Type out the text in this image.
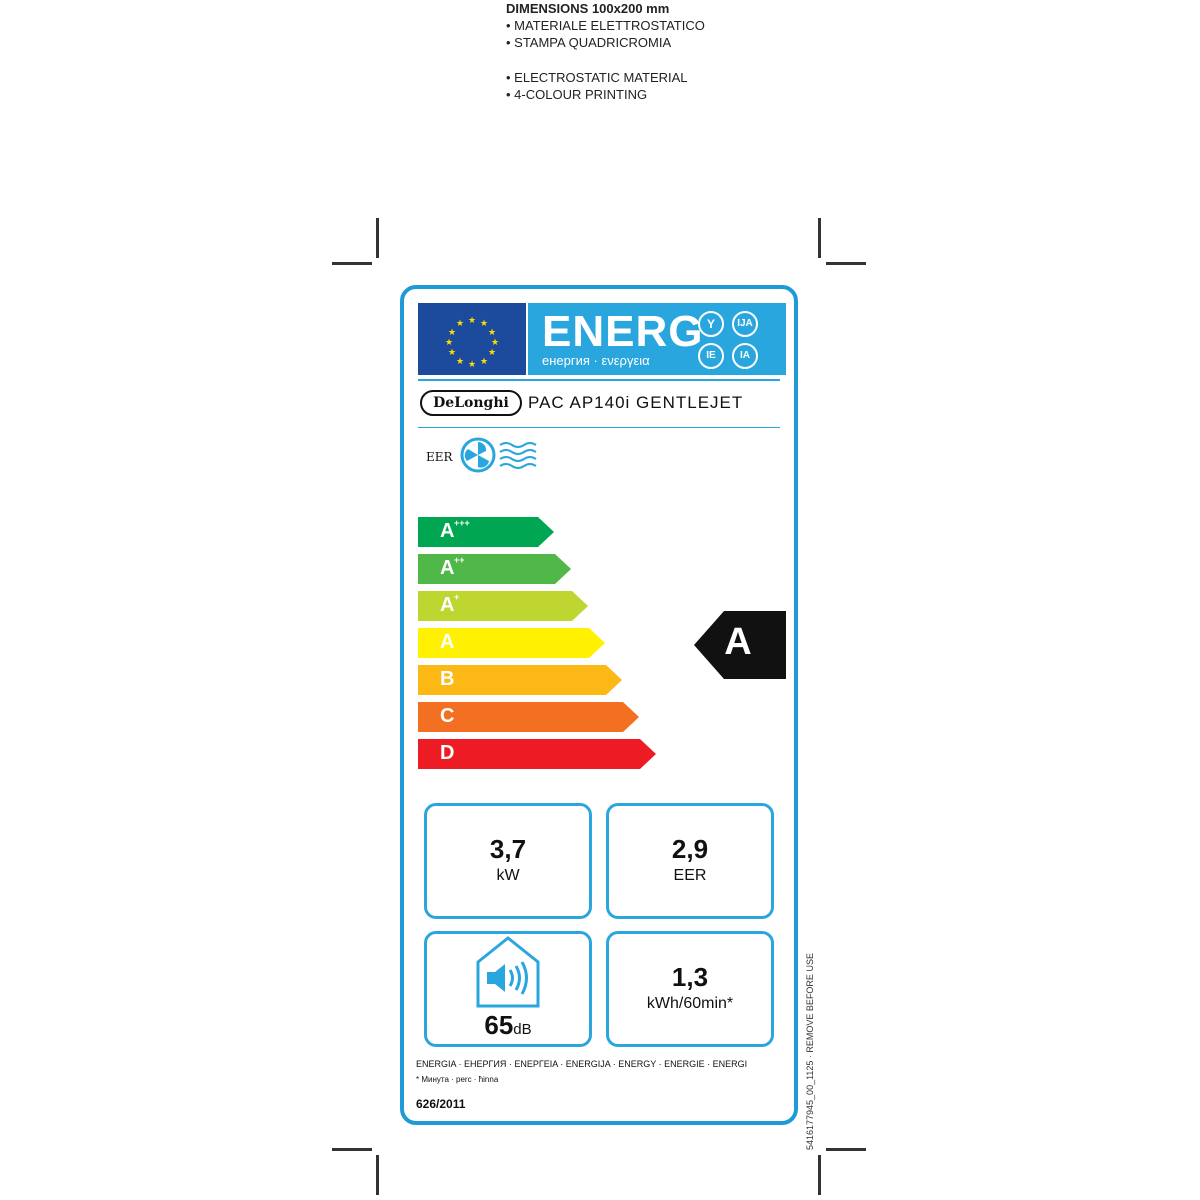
DIMENSIONS 100x200 mm
• MATERIALE ELETTROSTATICO
• STAMPA QUADRICROMIA
• ELECTROSTATIC MATERIAL
• 4-COLOUR PRINTING
5416177945_00_1125 · REMOVE BEFORE USE
★ ★
★
★
★
★
★
★
★
★
★
★ ENERG
енергия · ενεργεια
Y	IJA
IE	IA
DeLonghi	PAC AP140i GENTLEJET
EER
A +++
A ++
A +
A
B
C
D
A
3,7
kW
2,9
EER
65dB
1,3
kWh/60min*
ENERGIA · ЕНЕРГИЯ · ENEPГEIA · ENERGIJA · ENERGY · ENERGIE · ENERGI
* Минута · perc · ħinna
626/2011
